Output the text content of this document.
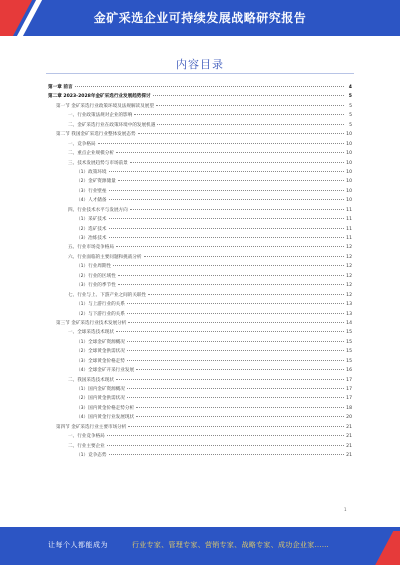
金矿采选企业可持续发展战略研究报告
内容目录
第一章 前言	4
第二章 2023-2028年金矿采选行业发展趋势探讨	5
第一节 金矿采选行业政策环境及法规解读及展望	5
一、行业政策法规对企业的影响	5
二、金矿采选行业在政策环境中的发展机遇	5
第二节 我国金矿采选行业整体发展态势	10
一、竞争格局	10
二、重点企业规模分析	10
三、技术发展趋势与市场前景	10
（1）政策环境	10
（2）金矿资源储量	10
（3）行业壁垒	10
（4）人才储备	10
四、行业技术水平与发展方向	11
（1）采矿技术	11
（2）选矿技术	11
（3）冶炼技术	11
五、行业市场竞争格局	12
六、行业面临的主要问题和挑战分析	12
（1）行业周期性	12
（2）行业的区域性	12
（3）行业的季节性	12
七、行业与上、下游产业之间的关联性	12
（1）与上游行业的关系	13
（2）与下游行业的关系	13
第三节 金矿采选行业技术发展分析	14
一、全球采选技术现状	15
（1）全球金矿资源概况	15
（2）全球黄金供需状况	15
（3）全球黄金价格走势	15
（4）全球金矿开采行业发展	16
二、我国采选技术现状	17
（1）国内金矿资源概况	17
（2）国内黄金供需状况	17
（3）国内黄金价格走势分析	18
（4）国内黄金行业发展现状	20
第四节 金矿采选行业主要市场分析	21
一、行业竞争格局	21
二、行业主要企业	21
（1）竞争态势	21
1
让每个人都能成为	行业专家、管理专家、营销专家、战略专家、成功企业家……
